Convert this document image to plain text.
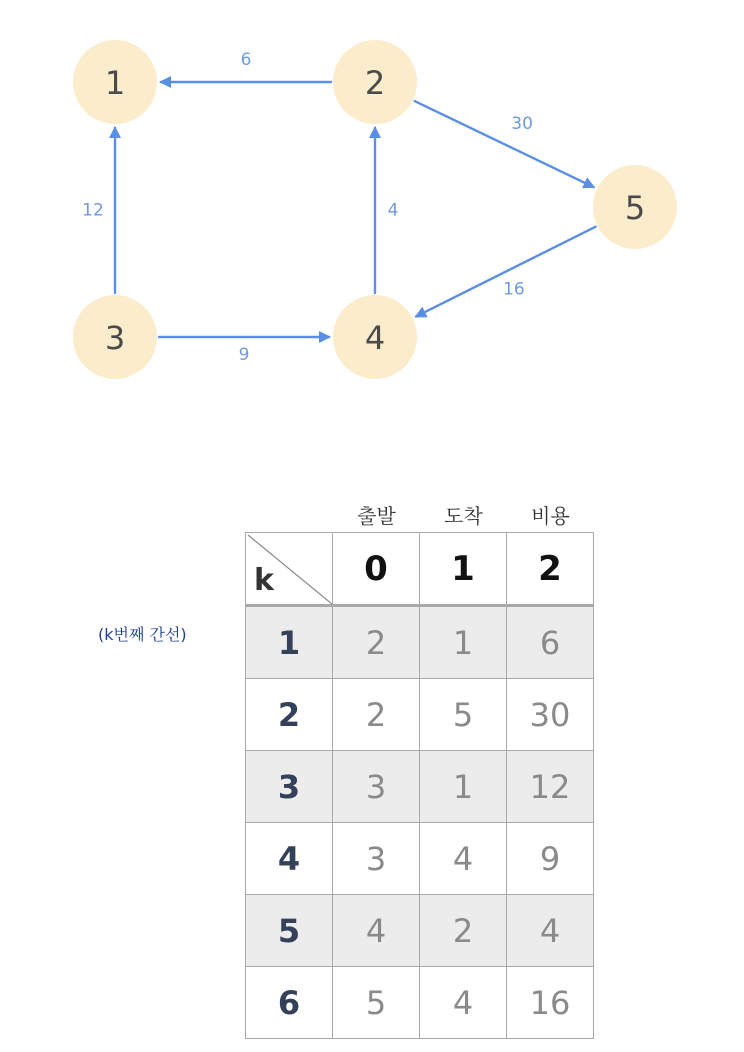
6
30
12
9
4
16
1	2
3	4
5
출발	도착	비용
(k번째 간선)
k	0	1	2
1	2	1	6
2	2	5	30
3	3	1	12
4	3	4	9
5	4	2	4
6	5	4	16
